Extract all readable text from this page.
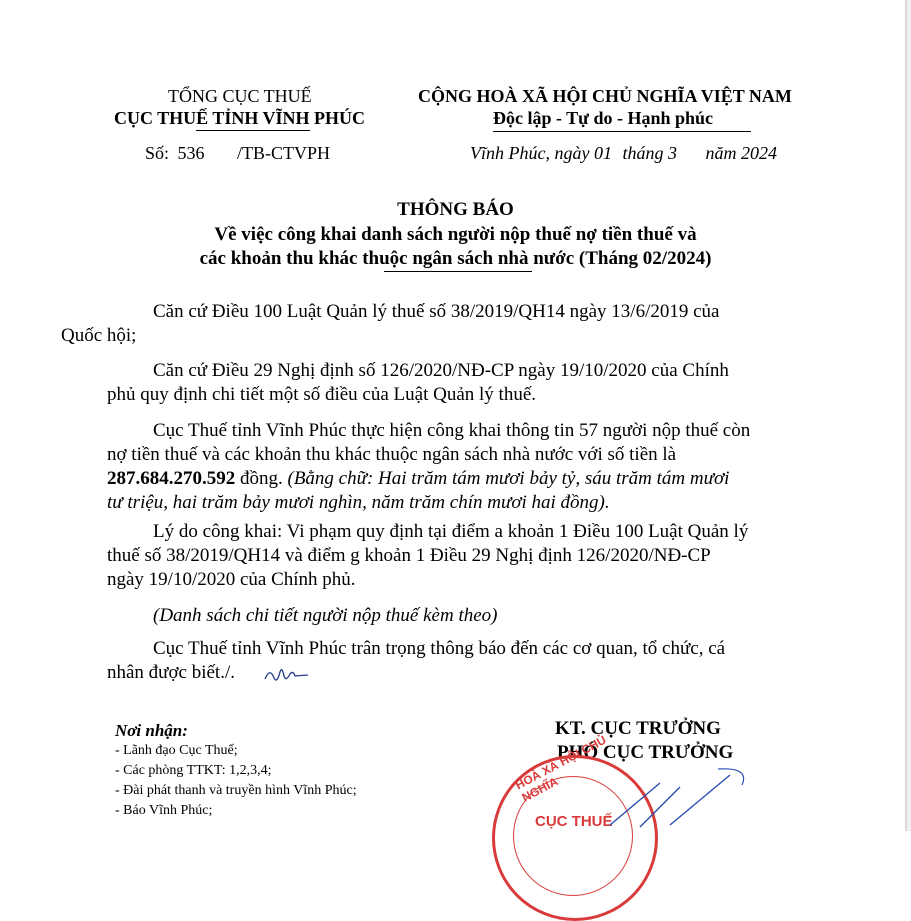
TỔNG CỤC THUẾ
CỤC THUẾ TỈNH VĨNH PHÚC
Số: 536 /TB-CTVPH
CỘNG HOÀ XÃ HỘI CHỦ NGHĨA VIỆT NAM
Độc lập - Tự do - Hạnh phúc
Vĩnh Phúc, ngày 01 tháng 3 năm 2024
THÔNG BÁO
Về việc công khai danh sách người nộp thuế nợ tiền thuế và
các khoản thu khác thuộc ngân sách nhà nước (Tháng 02/2024)
Căn cứ Điều 100 Luật Quản lý thuế số 38/2019/QH14 ngày 13/6/2019 của
Quốc hội;
Căn cứ Điều 29 Nghị định số 126/2020/NĐ-CP ngày 19/10/2020 của Chính
phủ quy định chi tiết một số điều của Luật Quản lý thuế.
Cục Thuế tỉnh Vĩnh Phúc thực hiện công khai thông tin 57 người nộp thuế còn
nợ tiền thuế và các khoản thu khác thuộc ngân sách nhà nước với số tiền là
287.684.270.592 đồng. (Bằng chữ: Hai trăm tám mươi bảy tỷ, sáu trăm tám mươi
tư triệu, hai trăm bảy mươi nghìn, năm trăm chín mươi hai đồng).
Lý do công khai: Vi phạm quy định tại điểm a khoản 1 Điều 100 Luật Quản lý
thuế số 38/2019/QH14 và điểm g khoản 1 Điều 29 Nghị định 126/2020/NĐ-CP
ngày 19/10/2020 của Chính phủ.
(Danh sách chi tiết người nộp thuế kèm theo)
Cục Thuế tỉnh Vĩnh Phúc trân trọng thông báo đến các cơ quan, tổ chức, cá
nhân được biết./.
Nơi nhận:
- Lãnh đạo Cục Thuế;
- Các phòng TTKT: 1,2,3,4;
- Đài phát thanh và truyền hình Vĩnh Phúc;
- Báo Vĩnh Phúc;
KT. CỤC TRƯỞNG
PHÓ CỤC TRƯỞNG
HOÀ XÃ HỘI CHỦ NGHĨA
CỤC THUẾ
